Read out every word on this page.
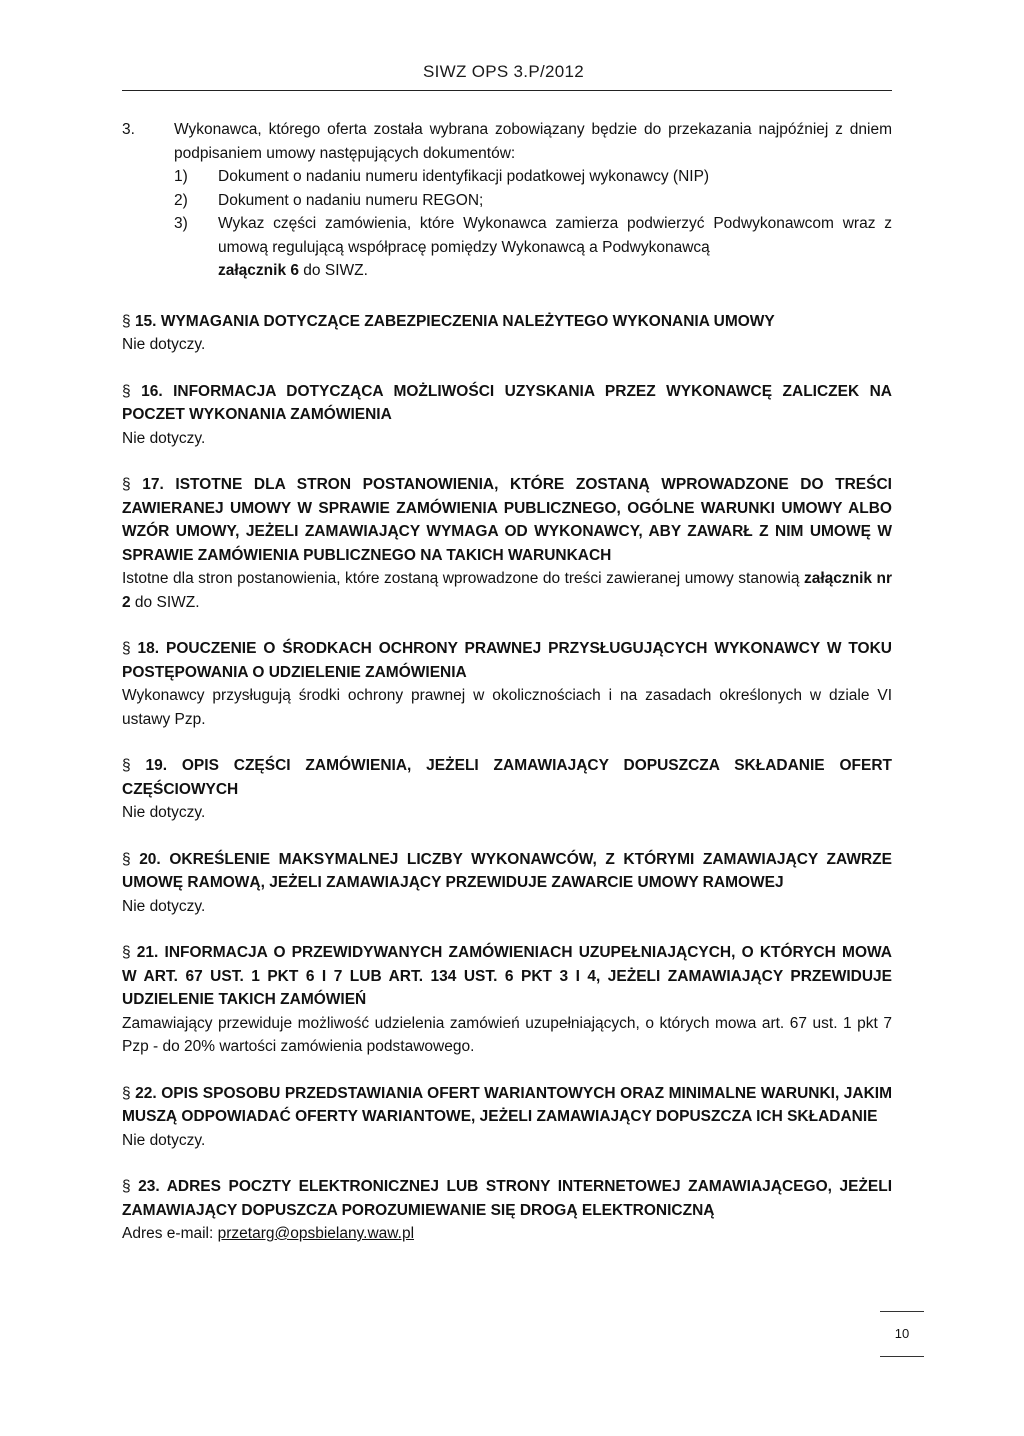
SIWZ OPS 3.P/2012
3.	Wykonawca, którego oferta została wybrana zobowiązany będzie do przekazania najpóźniej z dniem podpisaniem umowy następujących dokumentów:
1)	Dokument o nadaniu numeru identyfikacji podatkowej wykonawcy (NIP)
2)	Dokument o nadaniu numeru REGON;
3)	Wykaz części zamówienia, które Wykonawca zamierza podwierzyć Podwykonawcom wraz z umową regulującą współpracę pomiędzy Wykonawcą a Podwykonawcą
załącznik 6 do SIWZ.
§ 15. WYMAGANIA DOTYCZĄCE ZABEZPIECZENIA NALEŻYTEGO WYKONANIA UMOWY
Nie dotyczy.
§ 16. INFORMACJA DOTYCZĄCA MOŻLIWOŚCI UZYSKANIA PRZEZ WYKONAWCĘ ZALICZEK NA POCZET WYKONANIA ZAMÓWIENIA
Nie dotyczy.
§ 17. ISTOTNE DLA STRON POSTANOWIENIA, KTÓRE ZOSTANĄ WPROWADZONE DO TREŚCI ZAWIERANEJ UMOWY W SPRAWIE ZAMÓWIENIA PUBLICZNEGO, OGÓLNE WARUNKI UMOWY ALBO WZÓR UMOWY, JEŻELI ZAMAWIAJĄCY WYMAGA OD WYKONAWCY, ABY ZAWARŁ Z NIM UMOWĘ W SPRAWIE ZAMÓWIENIA PUBLICZNEGO NA TAKICH WARUNKACH
Istotne dla stron postanowienia, które zostaną wprowadzone do treści zawieranej umowy stanowią załącznik nr 2 do SIWZ.
§ 18. POUCZENIE O ŚRODKACH OCHRONY PRAWNEJ PRZYSŁUGUJĄCYCH WYKONAWCY W TOKU POSTĘPOWANIA O UDZIELENIE ZAMÓWIENIA
Wykonawcy przysługują środki ochrony prawnej w okolicznościach i na zasadach określonych w dziale VI ustawy Pzp.
§ 19. OPIS CZĘŚCI ZAMÓWIENIA, JEŻELI ZAMAWIAJĄCY DOPUSZCZA SKŁADANIE OFERT CZĘŚCIOWYCH
Nie dotyczy.
§ 20. OKREŚLENIE MAKSYMALNEJ LICZBY WYKONAWCÓW, Z KTÓRYMI ZAMAWIAJĄCY ZAWRZE UMOWĘ RAMOWĄ, JEŻELI ZAMAWIAJĄCY PRZEWIDUJE ZAWARCIE UMOWY RAMOWEJ
Nie dotyczy.
§ 21. INFORMACJA O PRZEWIDYWANYCH ZAMÓWIENIACH UZUPEŁNIAJĄCYCH, O KTÓRYCH MOWA W ART. 67 UST. 1 PKT 6 I 7 LUB ART. 134 UST. 6 PKT 3 I 4, JEŻELI ZAMAWIAJĄCY PRZEWIDUJE UDZIELENIE TAKICH ZAMÓWIEŃ
Zamawiający przewiduje możliwość udzielenia zamówień uzupełniających, o których mowa art. 67 ust. 1 pkt 7 Pzp - do 20% wartości zamówienia podstawowego.
§ 22. OPIS SPOSOBU PRZEDSTAWIANIA OFERT WARIANTOWYCH ORAZ MINIMALNE WARUNKI, JAKIM MUSZĄ ODPOWIADAĆ OFERTY WARIANTOWE, JEŻELI ZAMAWIAJĄCY DOPUSZCZA ICH SKŁADANIE
Nie dotyczy.
§ 23. ADRES POCZTY ELEKTRONICZNEJ LUB STRONY INTERNETOWEJ ZAMAWIAJĄCEGO, JEŻELI ZAMAWIAJĄCY DOPUSZCZA POROZUMIEWANIE SIĘ DROGĄ ELEKTRONICZNĄ
Adres e-mail: przetarg@opsbielany.waw.pl
10
